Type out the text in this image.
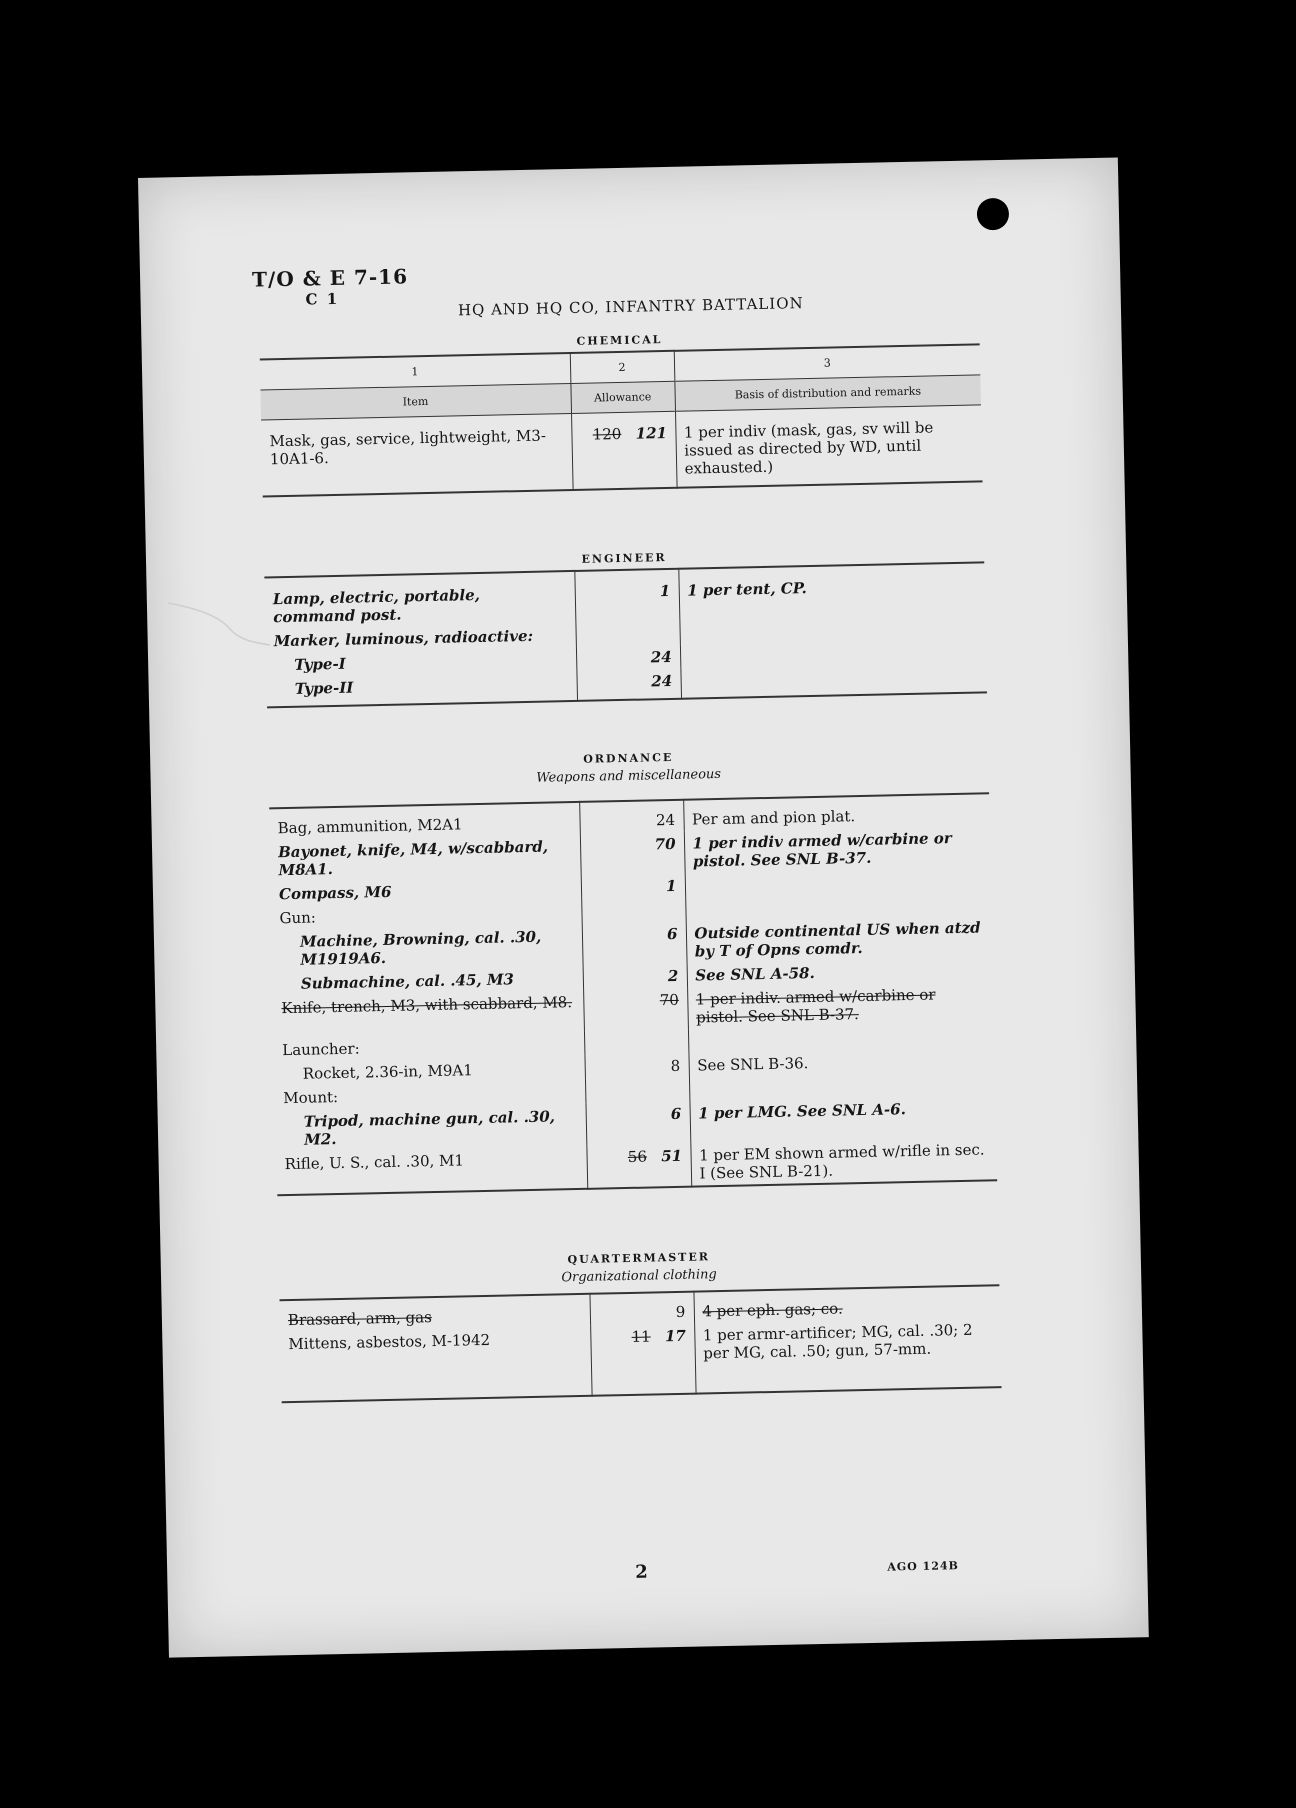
T/O & E 7-16
C 1	HQ AND HQ CO, INFANTRY BATTALION
CHEMICAL
1	2	3
Item	Allowance	Basis of distribution and remarks
Mask, gas, service, lightweight, M3-10A1-6.	120 121	1 per indiv (mask, gas, sv will be issued as directed by WD, until exhausted.)
ENGINEER
Lamp, electric, portable, command post.	1	1 per tent, CP.
Marker, luminous, radioactive:		
Type-I	24	
Type-II	24	
ORDNANCE
Weapons and miscellaneous
Bag, ammunition, M2A1	24	Per am and pion plat.
Bayonet, knife, M4, w/scabbard, M8A1.	70	1 per indiv armed w/carbine or pistol. See SNL B-37.
Compass, M6	1	
Gun:		
Machine, Browning, cal. .30, M1919A6.	6	Outside continental US when atzd by T of Opns comdr.
Submachine, cal. .45, M3	2	See SNL A-58.
Knife, trench, M3, with scabbard, M8.	70	1 per indiv. armed w/carbine or pistol. See SNL B-37.
Launcher:		
Rocket, 2.36-in, M9A1	8	See SNL B-36.
Mount:		
Tripod, machine gun, cal. .30, M2.	6	1 per LMG. See SNL A-6.
Rifle, U. S., cal. .30, M1	56 51	1 per EM shown armed w/rifle in sec. I (See SNL B-21).
QUARTERMASTER
Organizational clothing
Brassard, arm, gas	9	4 per eph. gas; co.
Mittens, asbestos, M-1942	11 17	1 per armr-artificer; MG, cal. .30; 2 per MG, cal. .50; gun, 57-mm.
2	AGO 124B
